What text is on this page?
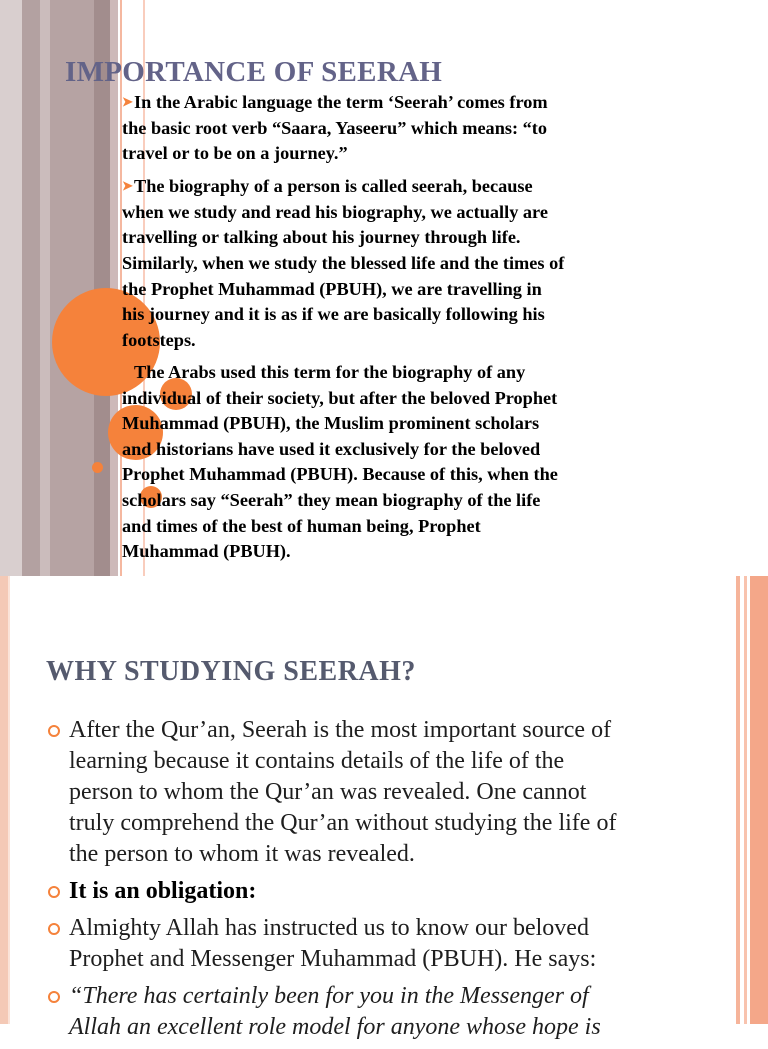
IMPORTANCE OF SEERAH

➤In the Arabic language the term ‘Seerah’ comes from
the basic root verb “Saara, Yaseeru” which means: “to
travel or to be on a journey.”

➤The biography of a person is called seerah, because
when we study and read his biography, we actually are
travelling or talking about his journey through life.
Similarly, when we study the blessed life and the times of
the Prophet Muhammad (PBUH), we are travelling in
his journey and it is as if we are basically following his
footsteps.

The Arabs used this term for the biography of any
individual of their society, but after the beloved Prophet
Muhammad (PBUH), the Muslim prominent scholars
and historians have used it exclusively for the beloved
Prophet Muhammad (PBUH). Because of this, when the
scholars say “Seerah” they mean biography of the life
and times of the best of human being, Prophet
Muhammad (PBUH).

WHY STUDYING SEERAH?
After the Qur’an, Seerah is the most important source of
learning because it contains details of the life of the
person to whom the Qur’an was revealed. One cannot
truly comprehend the Qur’an without studying the life of
the person to whom it was revealed.
It is an obligation:
Almighty Allah has instructed us to know our beloved
Prophet and Messenger Muhammad (PBUH). He says:
“There has certainly been for you in the Messenger of
Allah an excellent role model for anyone whose hope is
